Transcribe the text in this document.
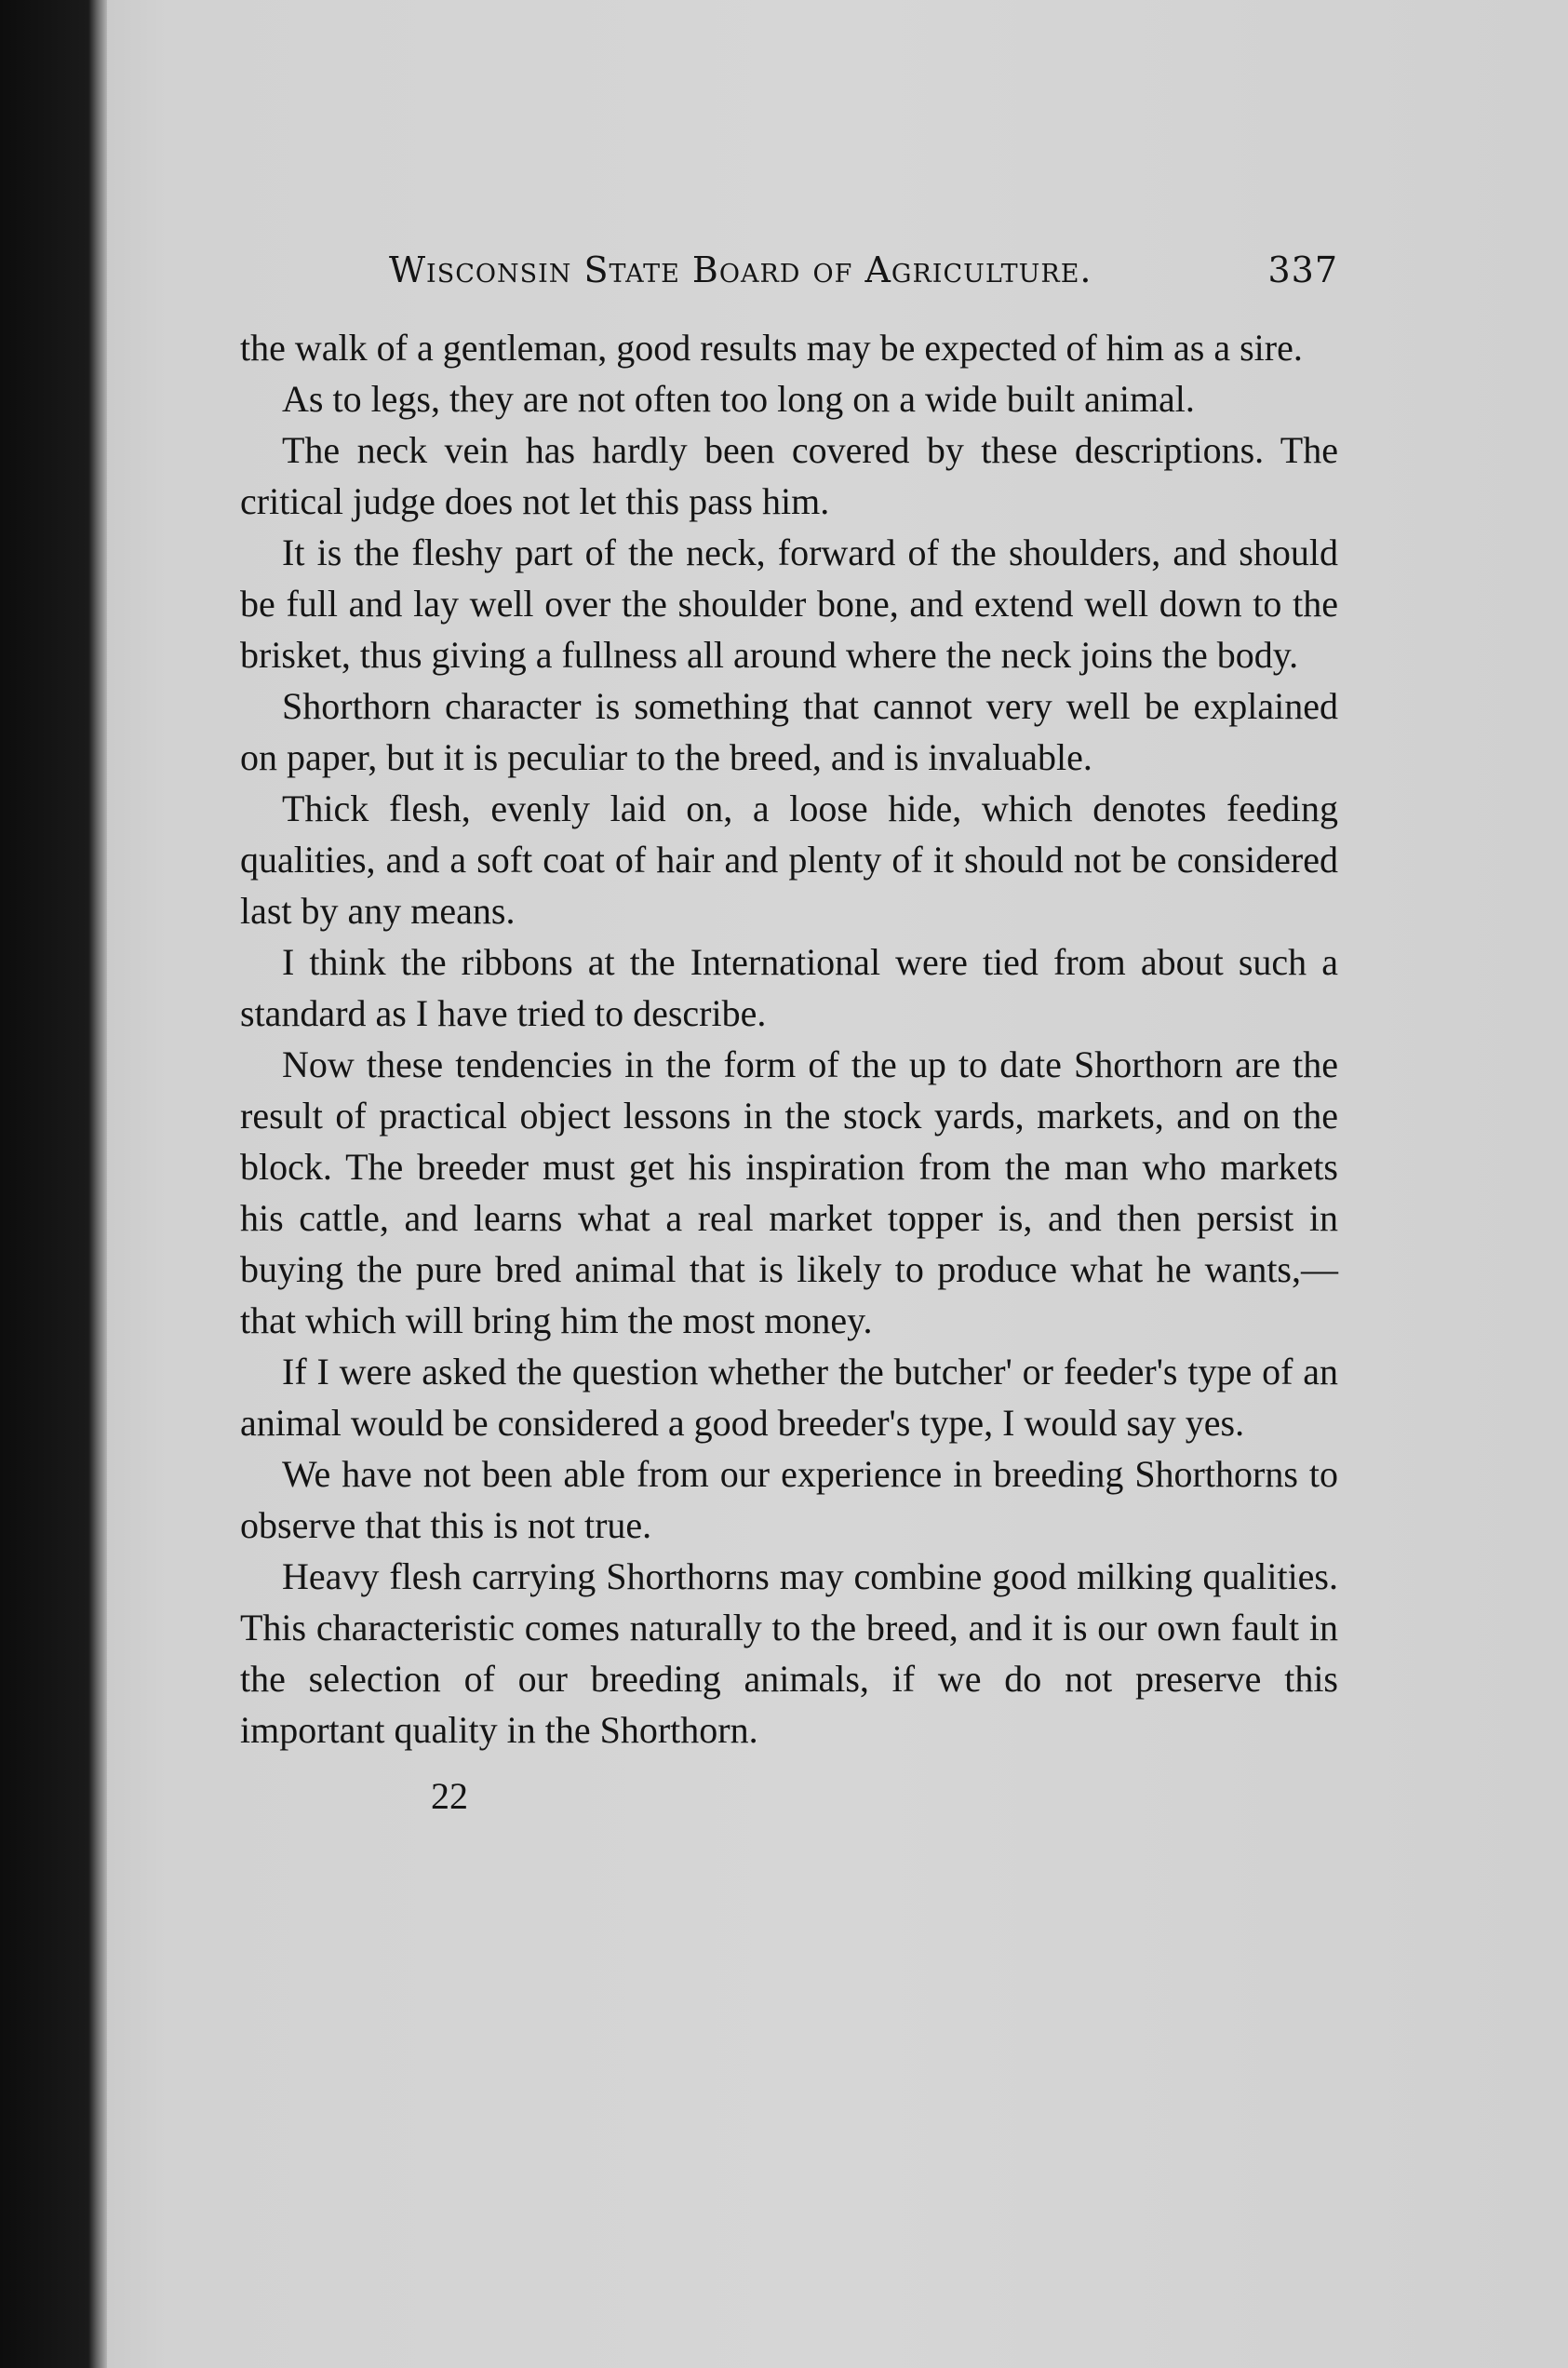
Wisconsin State Board of Agriculture.	337

the walk of a gentleman, good results may be expected of him as a sire.

As to legs, they are not often too long on a wide built animal.

The neck vein has hardly been covered by these descriptions. The critical judge does not let this pass him.

It is the fleshy part of the neck, forward of the shoulders, and should be full and lay well over the shoulder bone, and extend well down to the brisket, thus giving a fullness all around where the neck joins the body.

Shorthorn character is something that cannot very well be explained on paper, but it is peculiar to the breed, and is invaluable.

Thick flesh, evenly laid on, a loose hide, which denotes feeding qualities, and a soft coat of hair and plenty of it should not be considered last by any means.

I think the ribbons at the International were tied from about such a standard as I have tried to describe.

Now these tendencies in the form of the up to date Shorthorn are the result of practical object lessons in the stock yards, markets, and on the block. The breeder must get his inspiration from the man who markets his cattle, and learns what a real market topper is, and then persist in buying the pure bred animal that is likely to produce what he wants,—that which will bring him the most money.

If I were asked the question whether the butcher' or feeder's type of an animal would be considered a good breeder's type, I would say yes.

We have not been able from our experience in breeding Shorthorns to observe that this is not true.

Heavy flesh carrying Shorthorns may combine good milking qualities. This characteristic comes naturally to the breed, and it is our own fault in the selection of our breeding animals, if we do not preserve this important quality in the Shorthorn.

22
